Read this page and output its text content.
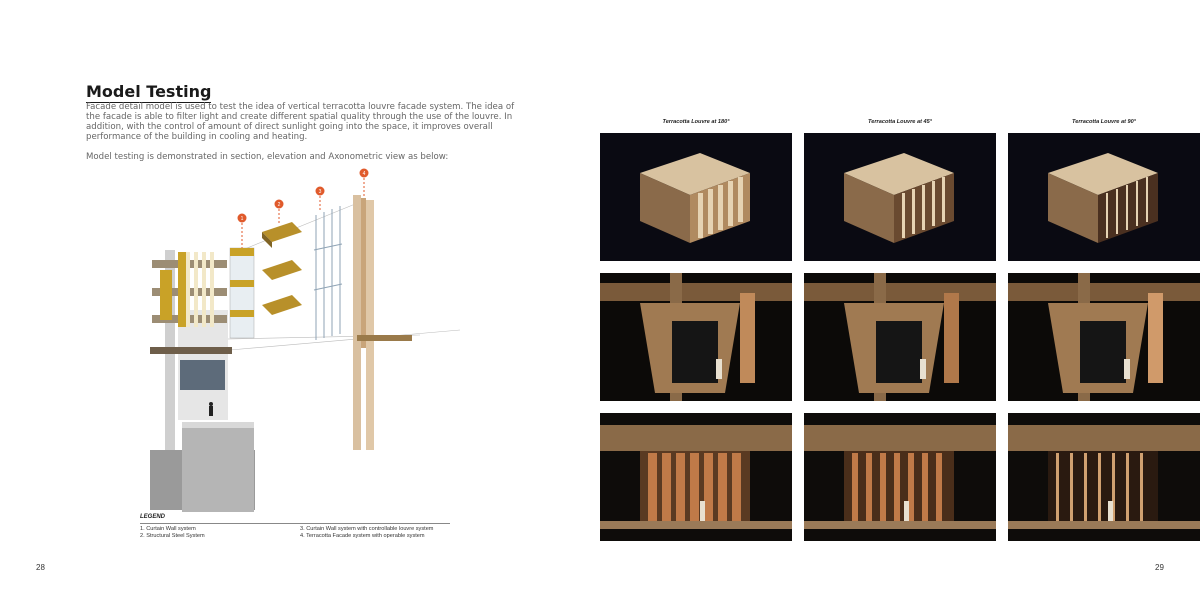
Model Testing
Facade detail model is used to test the idea of vertical terracotta louvre facade system. The idea of the facade is able to filter light and create different spatial quality through the use of the louvre. In addition, with the control of amount of direct sunlight going into the space, it improves overall performance of the building in cooling and heating.
Model testing is demonstrated in section, elevation and Axonometric view as below:
1
2
3
4
LEGEND
1. Curtain Wall system
2. Structural Steel System
3. Curtain Wall system with controllable louvre system
4. Terracotta Facade system with operable system
28
Terracotta Louvre at 180°	Terracotta Louvre at 45°	Terracotta Louvre at 90°
29
